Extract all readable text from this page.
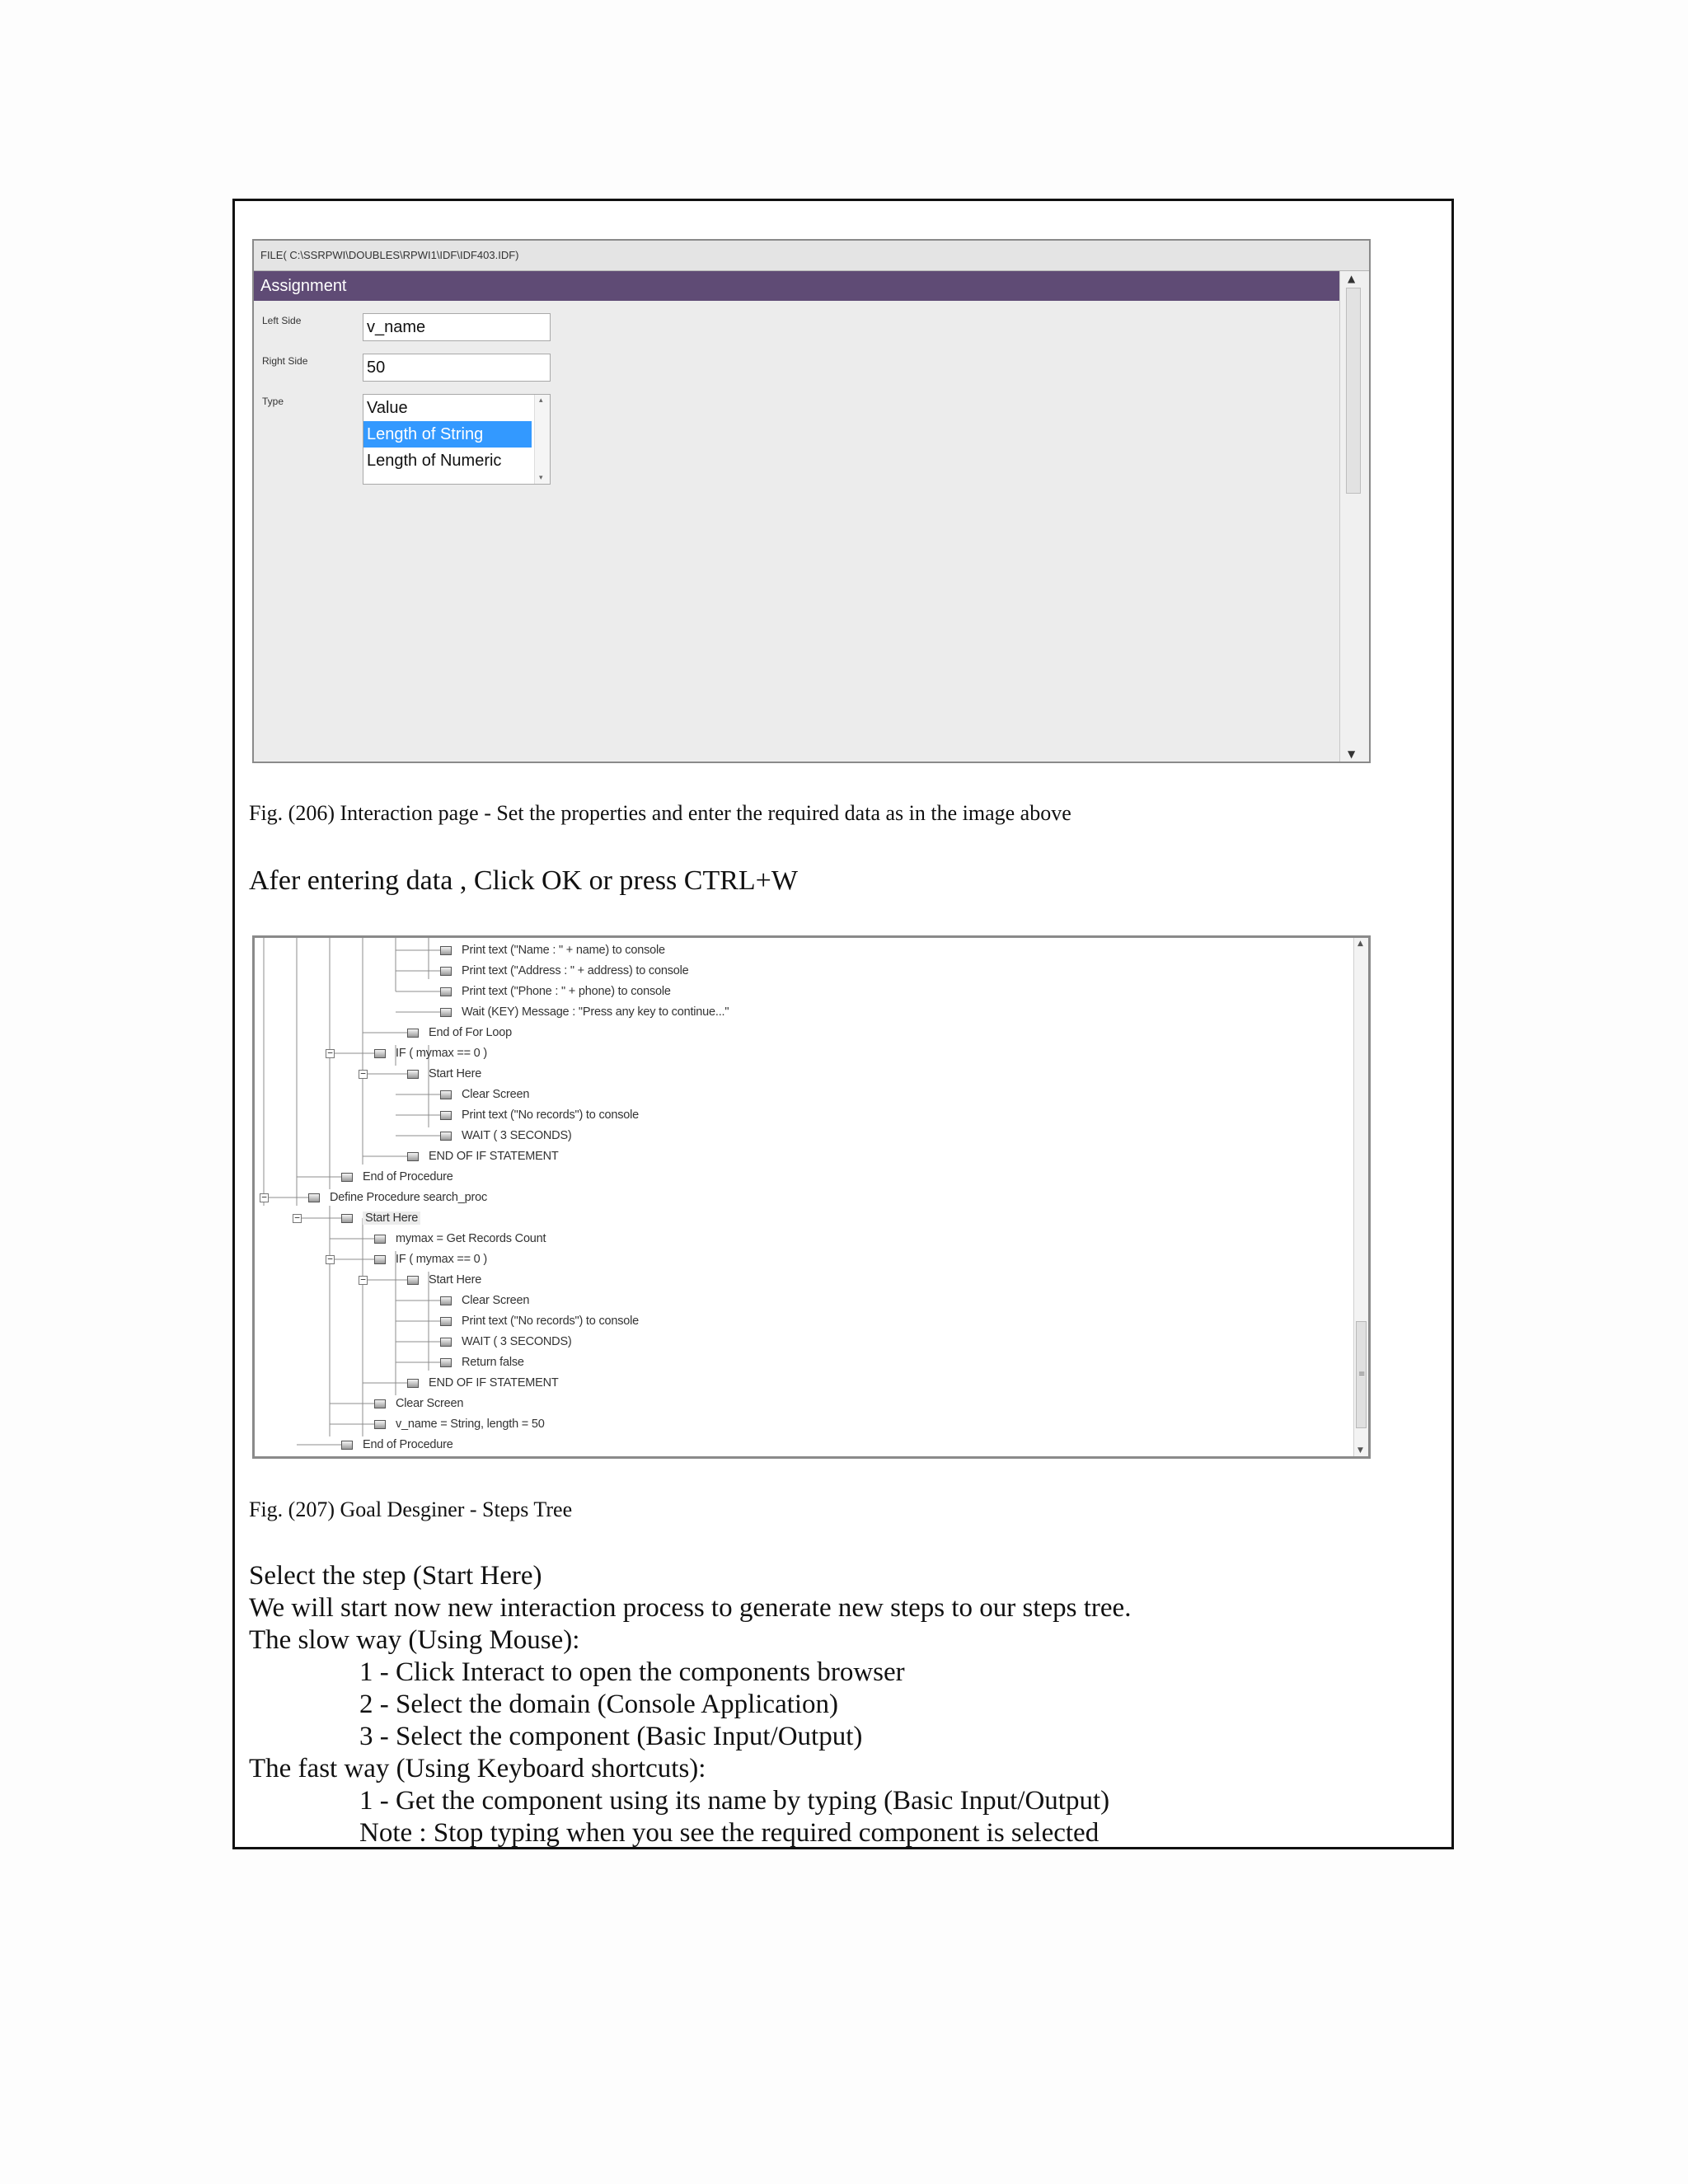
FILE( C:\SSRPWI\DOUBLES\RPWI1\IDF\IDF403.IDF)
Assignment
Left Side	v_name
Right Side	50
Type	Value
Length of String
Length of Numeric
▴
▾
▲
▼
Fig. (206) Interaction page - Set the properties and enter the required data as in the image above
Afer entering data , Click OK or press CTRL+W
Print text ("Name : " + name) to console
Print text ("Address : " + address) to console
Print text ("Phone : " + phone) to console
Wait (KEY) Message : "Press any key to continue..."
End of For Loop
IF ( mymax == 0 )
−
Start Here
−
Clear Screen
Print text ("No records") to console
WAIT ( 3 SECONDS)
END OF IF STATEMENT
End of Procedure
Define Procedure search_proc
−
Start Here
−
mymax = Get Records Count
IF ( mymax == 0 )
−
Start Here
−
Clear Screen
Print text ("No records") to console
WAIT ( 3 SECONDS)
Return false
END OF IF STATEMENT
Clear Screen
v_name = String, length = 50
End of Procedure
▲
≡
▼
Fig. (207) Goal Desginer - Steps Tree
Select the step (Start Here)
We will start now new interaction process to generate new steps to our steps tree.
The slow way (Using Mouse):
1 - Click Interact to open the components browser
2 - Select the domain (Console Application)
3 - Select the component (Basic Input/Output)
The fast way (Using Keyboard shortcuts):
1 - Get the component using its name by typing (Basic Input/Output)
Note : Stop typing when you see the required component is selected
